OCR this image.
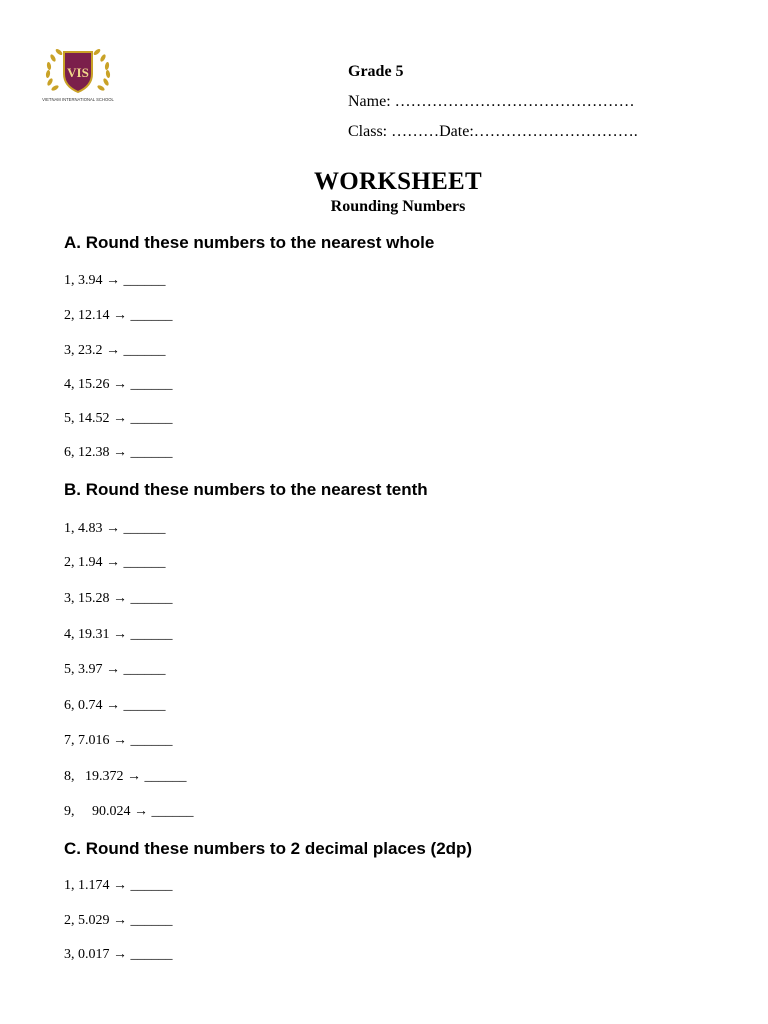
VIS
VIETNAM INTERNATIONAL SCHOOL
Grade 5
Name: ………………………………………
Class: ………Date:………………………….
WORKSHEET
Rounding Numbers
A. Round these numbers to the nearest whole
1, 3.94 → ______
2, 12.14 → ______
3, 23.2 → ______
4, 15.26 → ______
5, 14.52 → ______
6, 12.38 → ______
B. Round these numbers to the nearest tenth
1, 4.83 → ______
2, 1.94 → ______
3, 15.28 → ______
4, 19.31 → ______
5, 3.97 → ______
6, 0.74 → ______
7, 7.016 → ______
8,   19.372 → ______
9,     90.024 → ______
C. Round these numbers to 2 decimal places (2dp)
1, 1.174 → ______
2, 5.029 → ______
3, 0.017 → ______
